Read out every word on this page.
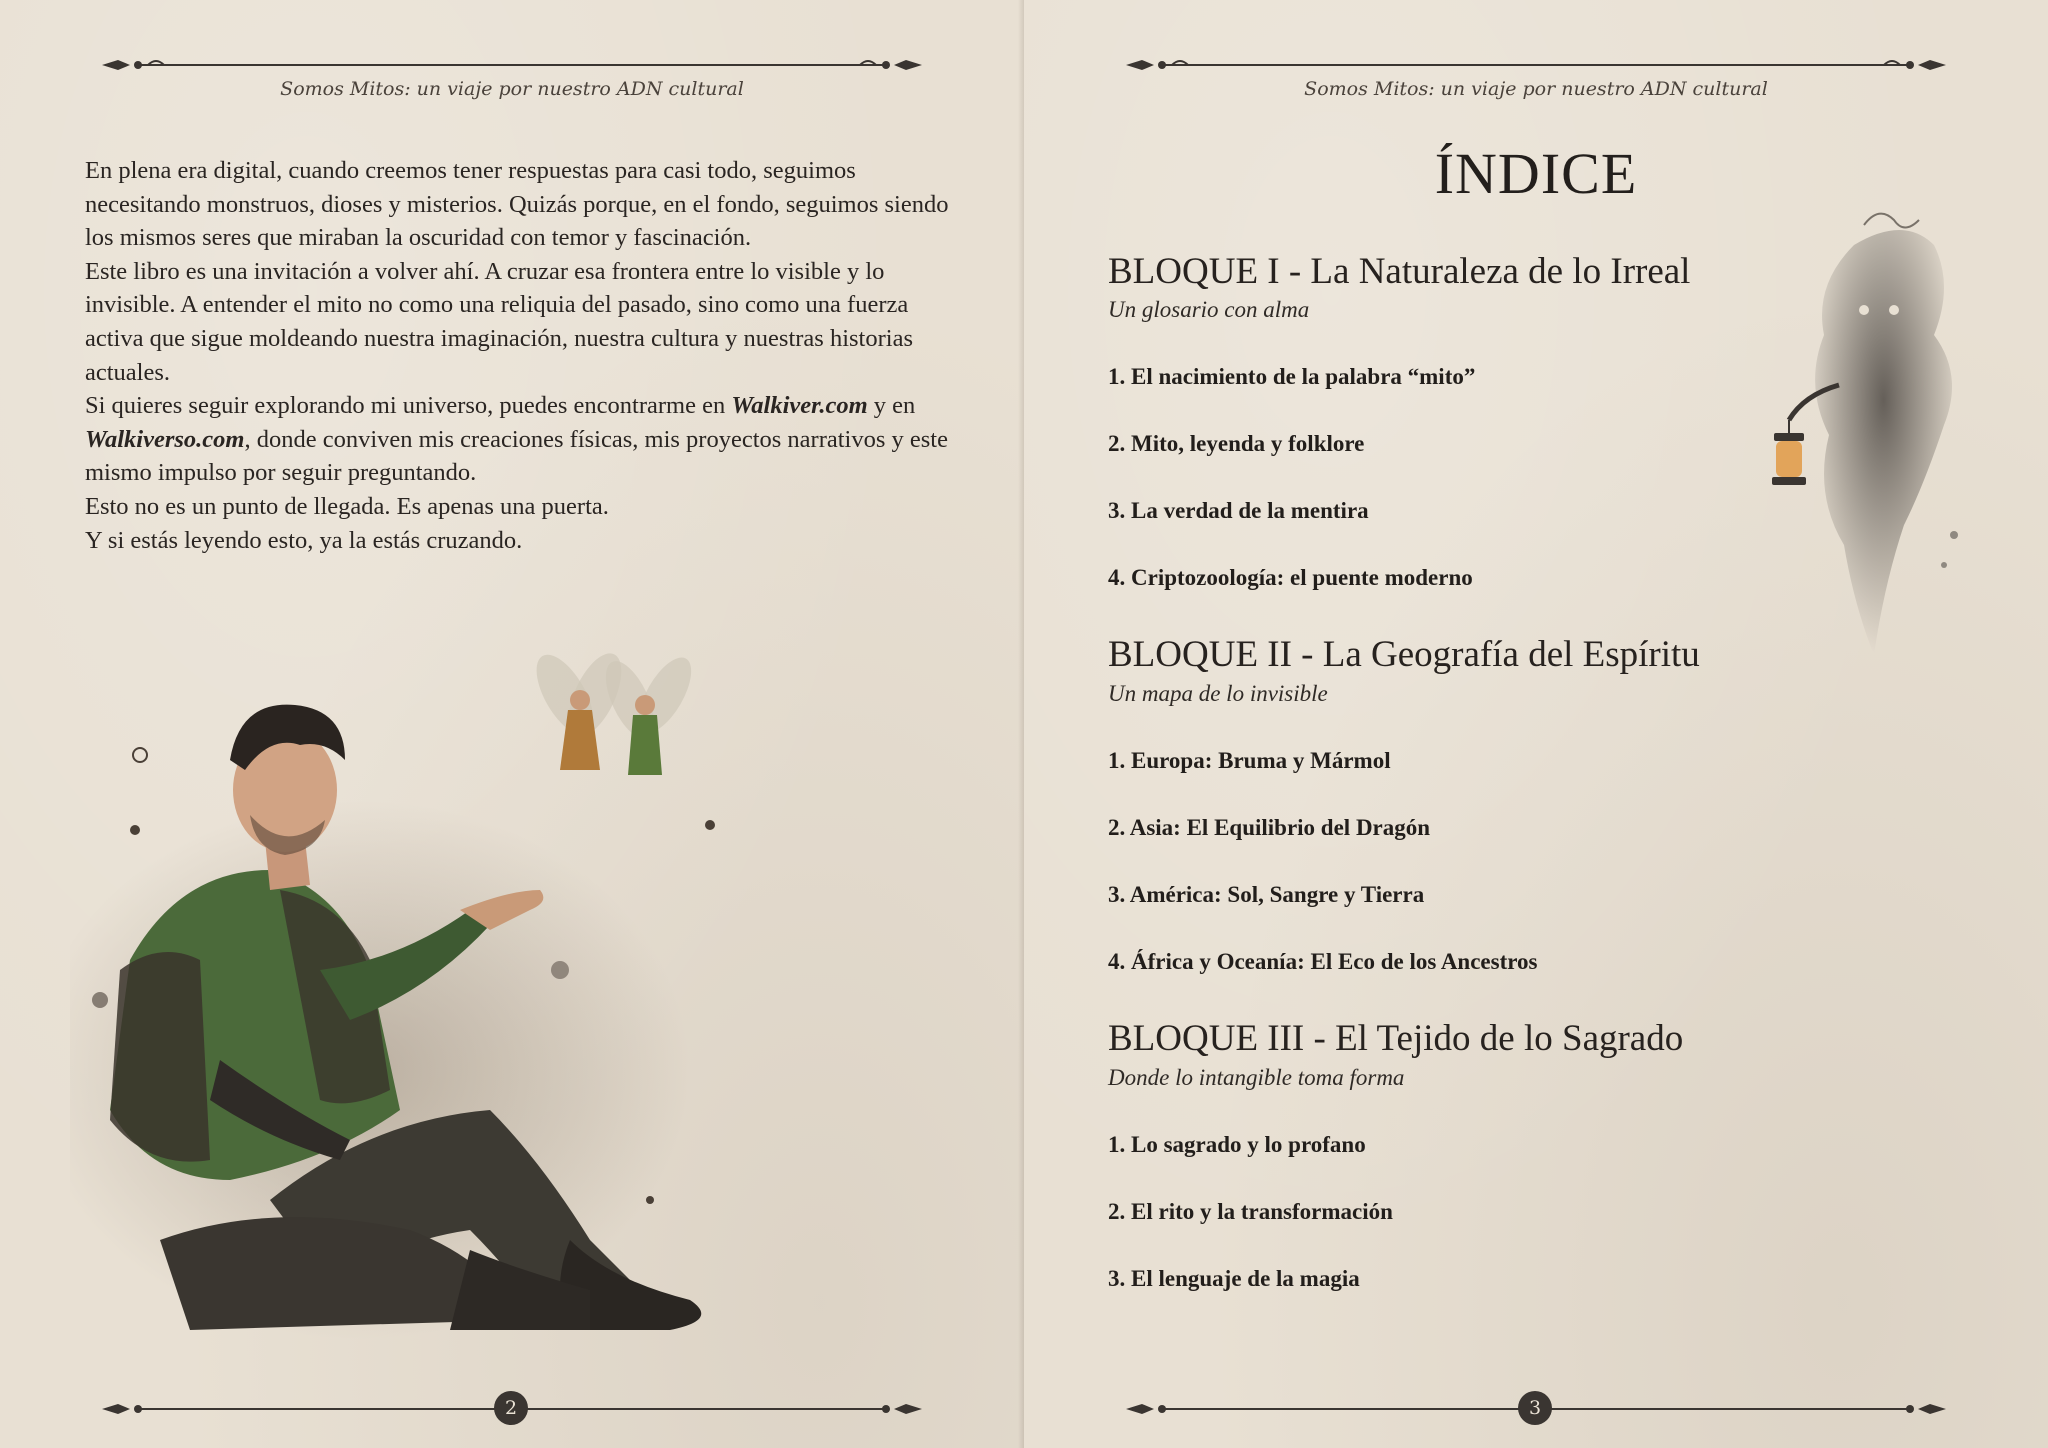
Somos Mitos: un viaje por nuestro ADN cultural

En plena era digital, cuando creemos tener respuestas para casi todo, seguimos necesitando monstruos, dioses y misterios. Quizás porque, en el fondo, seguimos siendo los mismos seres que miraban la oscuridad con temor y fascinación.

Este libro es una invitación a volver ahí. A cruzar esa frontera entre lo visible y lo invisible. A entender el mito no como una reliquia del pasado, sino como una fuerza activa que sigue moldeando nuestra imaginación, nuestra cultura y nuestras historias actuales.

Si quieres seguir explorando mi universo, puedes encontrarme en Walkiver.com y en Walkiverso.com, donde conviven mis creaciones físicas, mis proyectos narrativos y este mismo impulso por seguir preguntando.

Esto no es un punto de llegada. Es apenas una puerta.

Y si estás leyendo esto, ya la estás cruzando.

2
Somos Mitos: un viaje por nuestro ADN cultural
ÍNDICE
BLOQUE I - La Naturaleza de lo Irreal
Un glosario con alma
1. El nacimiento de la palabra “mito”
2. Mito, leyenda y folklore
3. La verdad de la mentira
4. Criptozoología: el puente moderno
BLOQUE II - La Geografía del Espíritu
Un mapa de lo invisible
1. Europa: Bruma y Mármol
2. Asia: El Equilibrio del Dragón
3. América: Sol, Sangre y Tierra
4. África y Oceanía: El Eco de los Ancestros
BLOQUE III - El Tejido de lo Sagrado
Donde lo intangible toma forma
1. Lo sagrado y lo profano
2. El rito y la transformación
3. El lenguaje de la magia
3
